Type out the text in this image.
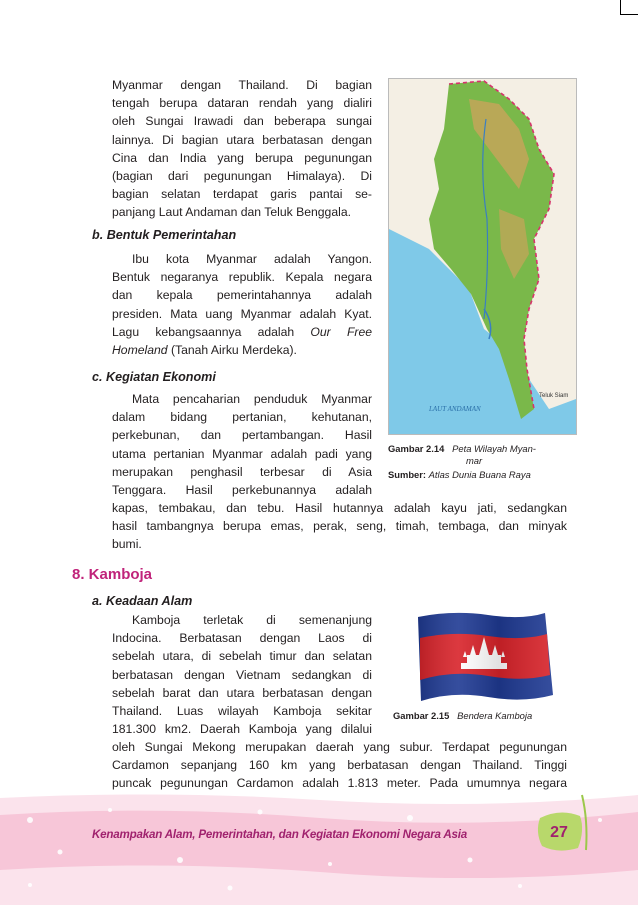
Myanmar dengan Thailand. Di bagian
tengah berupa dataran rendah yang dialiri
oleh Sungai Irawadi dan beberapa sungai
lainnya. Di bagian utara berbatasan dengan
Cina dan India yang berupa pegunungan
(bagian dari pegunungan Himalaya). Di
bagian selatan terdapat garis pantai se-
panjang Laut Andaman dan Teluk Benggala.
b. Bentuk Pemerintahan
Ibu kota Myanmar adalah Yangon.
Bentuk negaranya republik. Kepala negara
dan kepala pemerintahannya adalah
presiden. Mata uang Myanmar adalah Kyat.
Lagu kebangsaannya adalah Our Free
Homeland (Tanah Airku Merdeka).
c. Kegiatan Ekonomi
Mata pencaharian penduduk Myanmar
dalam bidang pertanian, kehutanan,
perkebunan, dan pertambangan. Hasil
utama pertanian Myanmar adalah padi yang
merupakan penghasil terbesar di Asia
Tenggara. Hasil perkebunannya adalah
kapas, tembakau, dan tebu. Hasil hutannya adalah kayu jati, sedangkan
hasil tambangnya berupa emas, perak, seng, timah, tembaga, dan minyak
bumi.
LAUT ANDAMAN
Teluk Siam
Gambar 2.14 Peta Wilayah Myan-
mar
Sumber: Atlas Dunia Buana Raya
8. Kamboja
a. Keadaan Alam
Kamboja terletak di semenanjung
Indocina. Berbatasan dengan Laos di
sebelah utara, di sebelah timur dan selatan
berbatasan dengan Vietnam sedangkan di
sebelah barat dan utara berbatasan dengan
Thailand. Luas wilayah Kamboja sekitar
181.300 km2. Daerah Kamboja yang dilalui
oleh Sungai Mekong merupakan daerah yang subur. Terdapat pegunungan
Cardamon sepanjang 160 km yang berbatasan dengan Thailand. Tinggi
puncak pegunungan Cardamon adalah 1.813 meter. Pada umumnya negara
Gambar 2.15 Bendera Kamboja
Kenampakan Alam, Pemerintahan, dan Kegiatan Ekonomi Negara Asia	27
